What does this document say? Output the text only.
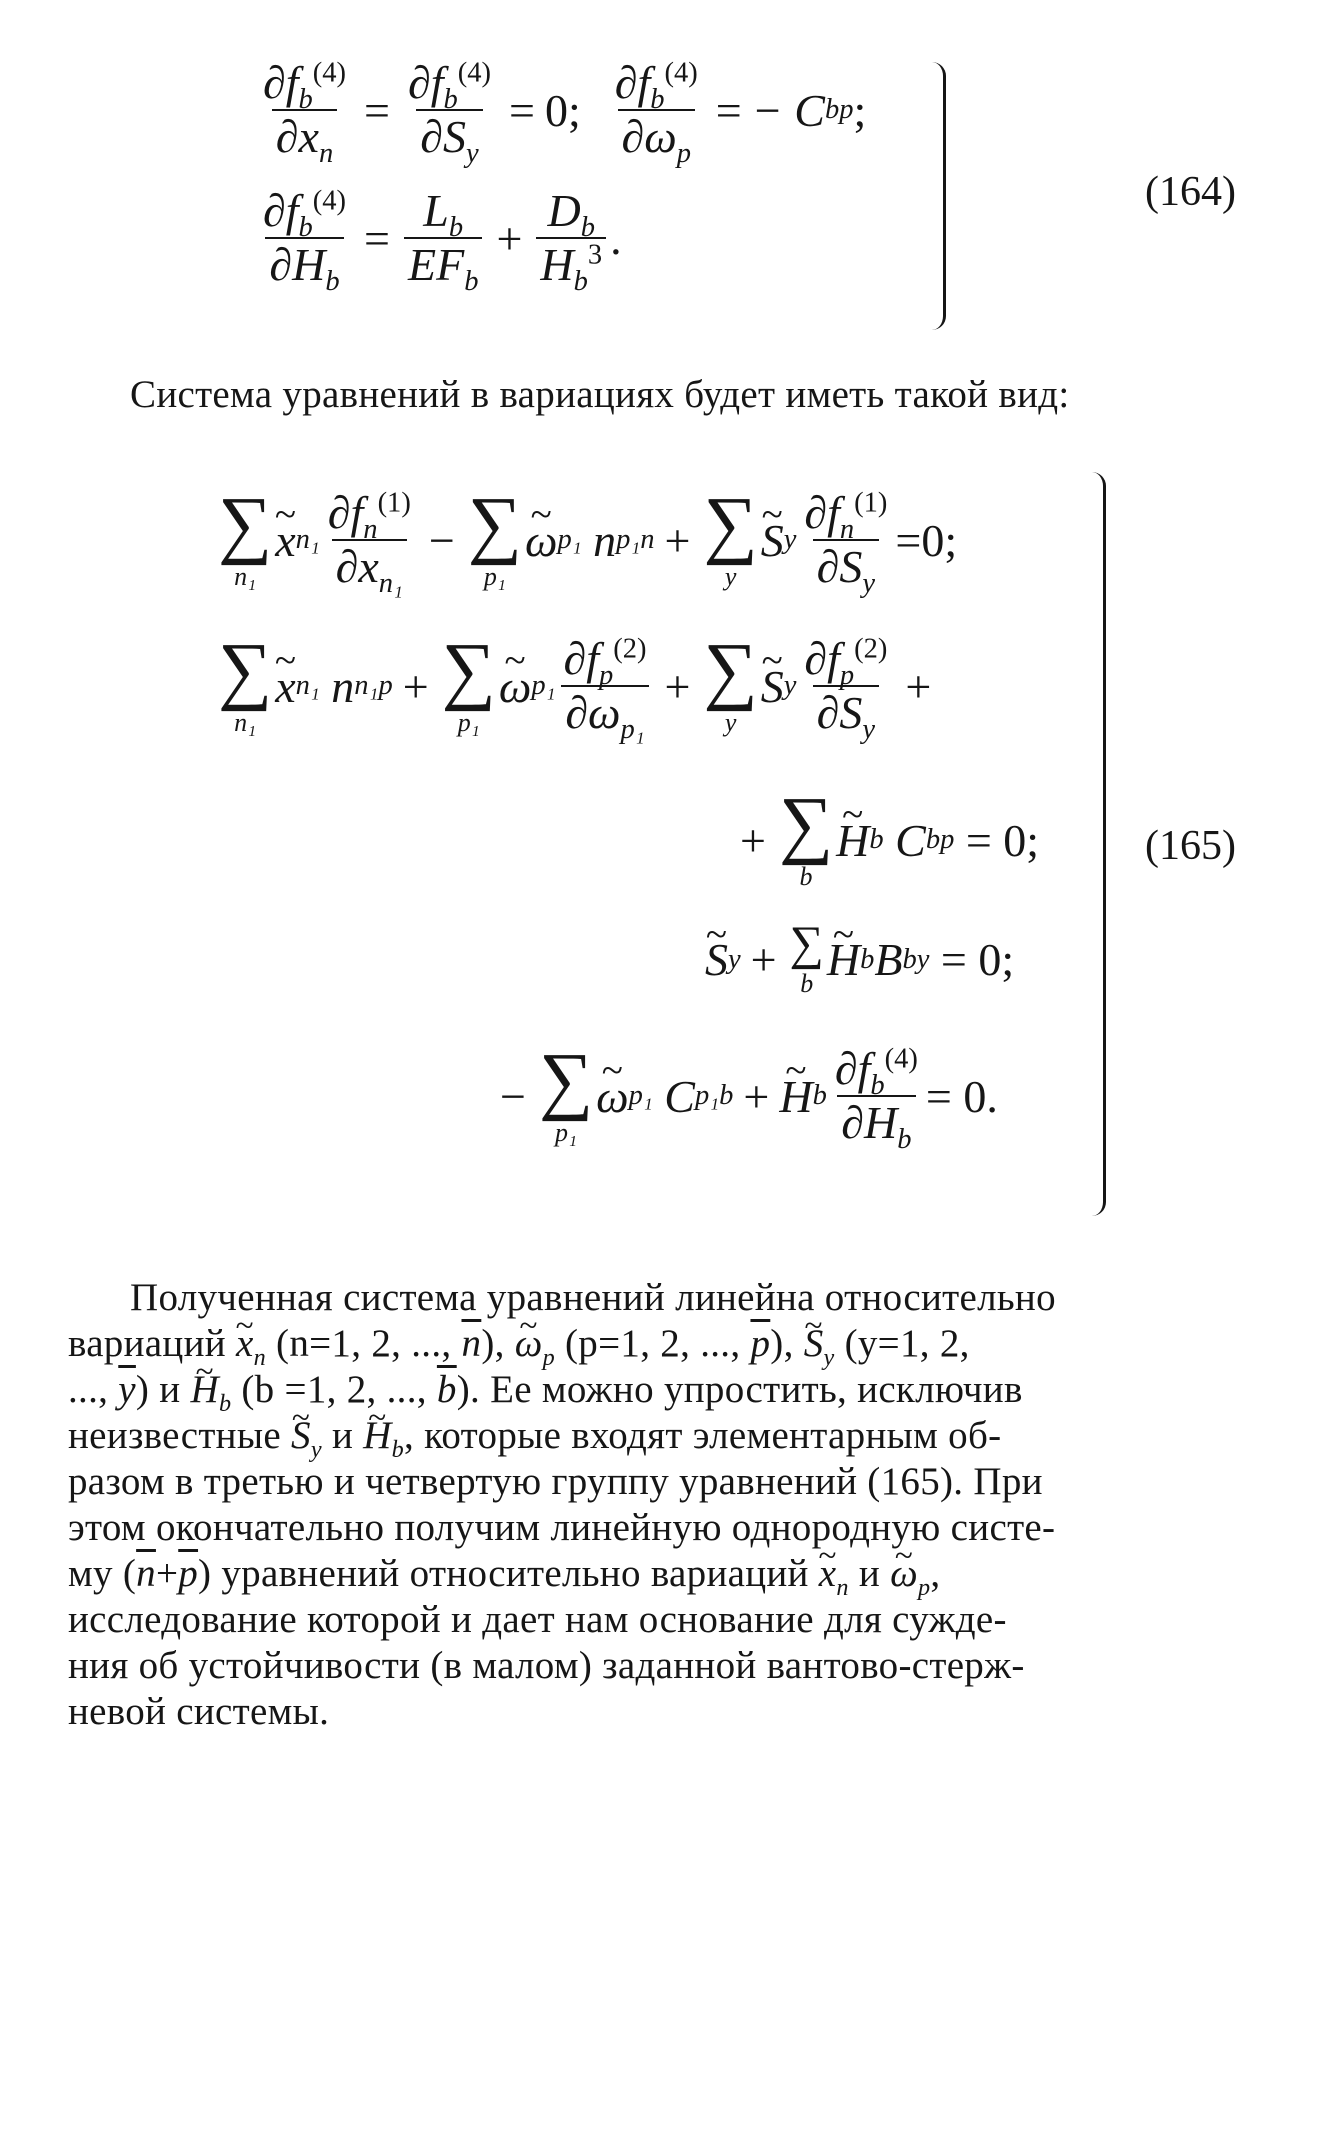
$\frac{\partial f_b^{(4)}}{\partial x_n} = \frac{\partial f_b^{(4)}}{\partial S_y} = 0$; $\frac{\partial f_b^{(4)}}{\partial\omega_p}$ = − C bp ;
$\frac{\partial f_b^{(4)}}{\partial H_b} = \frac{L_b}{EF_b} + \frac{D_b}{H_b^3}$ .
(164)

Система уравнений в вариациях будет иметь такой вид:

∑
n₁
~ x $n_1 \frac{\partial f_n^{(1)}}{\partial x_{n_1}}$ − ∑
p₁
~ ω p₁ n p₁n + ∑
y
~ S y $\frac{\partial f_n^{(1)}}{\partial S_y} =0$;
∑
n₁
~ x n₁ n n₁p + ∑
p₁
~ ω $p_1 \frac{\partial f_p^{(2)}}{\partial\omega_{p_1}}$ + ∑
y
~ S y $\frac{\partial f_p^{(2)}}{\partial S_y}$ +
+ ∑
b
~ H b C bp
= 0;
~ S y + ∑
b ~ H b B by
= 0;
− ∑
p₁
~ ω p₁ C p₁b + ~ H b $\frac{\partial f_b^{(4)}}{\partial H_b} = 0$.
(165)

Полученная система уравнений линейна относительно

вариаций ~ $x_n$ (n=1, 2, ..., $\overline{n}$), ~ $\omega_p$ (p=1, 2, ..., $\overline{p}$), ~ $S_y$ (y=1, 2,

..., $\overline{y}$) и ~ $H_b$ (b =1, 2, ..., $\overline{b}$). Ее можно упростить, исключив

неизвестные ~ $S_y$ и ~ $H_b$, которые входят элементарным об-

разом в третью и четвертую группу уравнений (165). При

этом окончательно получим линейную однородную систе-

му $(\overline{n}+\overline{p})$ уравнений относительно вариаций ~ $x_n$ и ~ $\omega_p$,

исследование которой и дает нам основание для сужде-

ния об устойчивости (в малом) заданной вантово-стерж-

невой системы.
